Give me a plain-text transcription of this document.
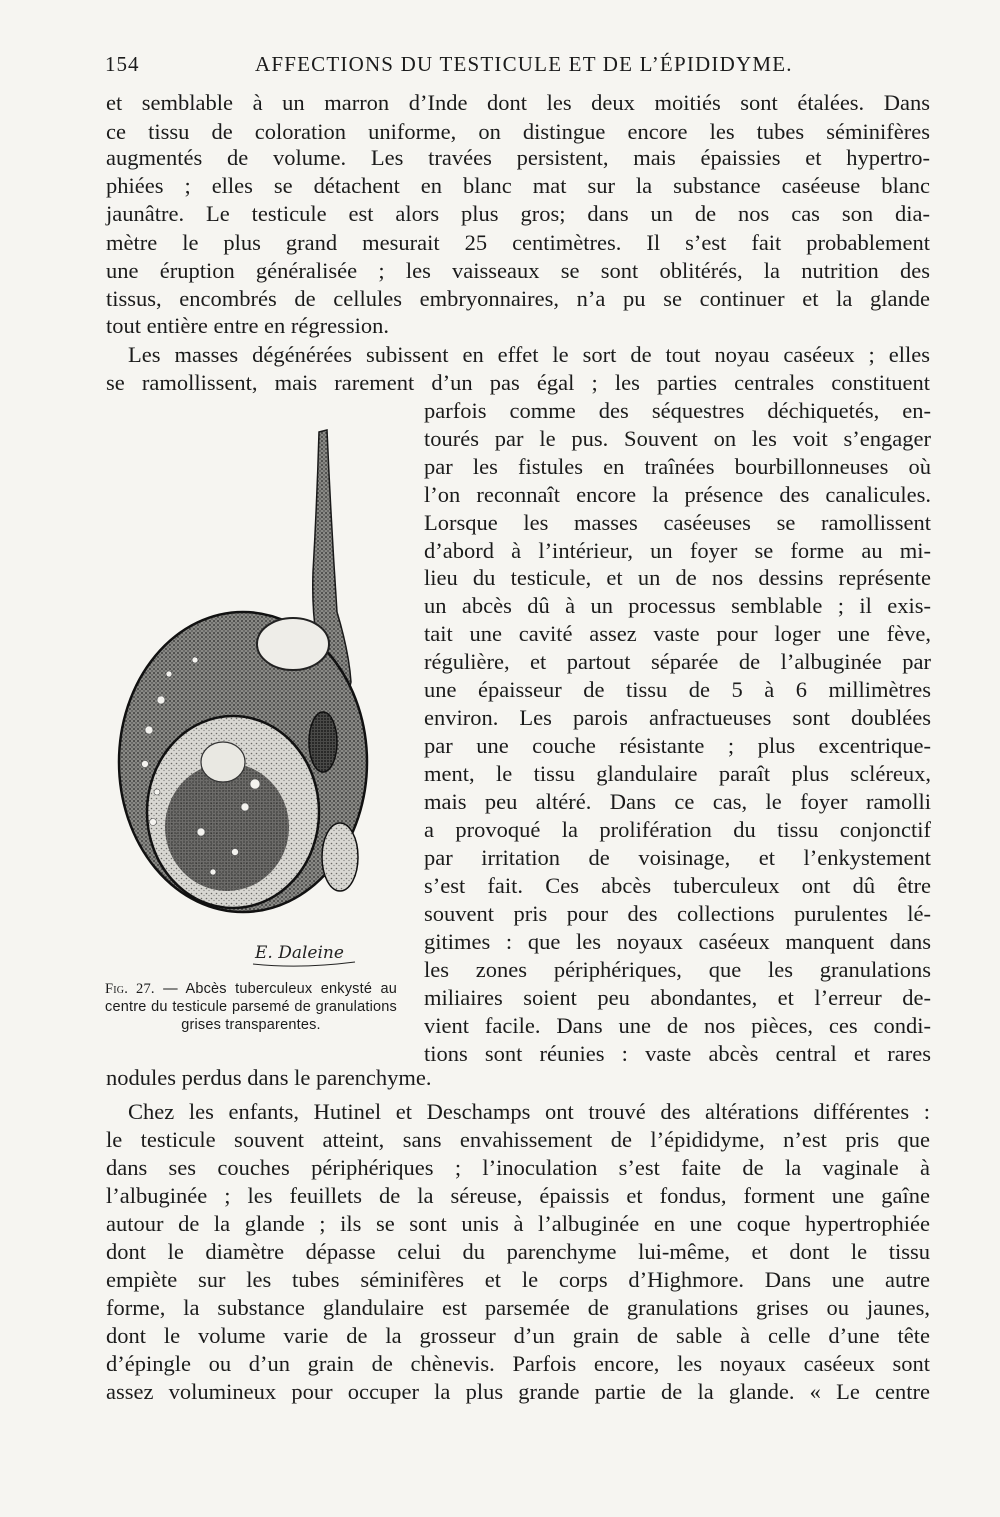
154	AFFECTIONS DU TESTICULE ET DE L’ÉPIDIDYME.
et semblable à un marron d’Inde dont les deux moitiés sont étalées. Dans
ce tissu de coloration uniforme, on distingue encore les tubes séminifères
augmentés de volume. Les travées persistent, mais épaissies et hypertro-
phiées ; elles se détachent en blanc mat sur la substance caséeuse blanc
jaunâtre. Le testicule est alors plus gros; dans un de nos cas son dia-
mètre le plus grand mesurait 25 centimètres. Il s’est fait probablement
une éruption généralisée ; les vaisseaux se sont oblitérés, la nutrition des
tissus, encombrés de cellules embryonnaires, n’a pu se continuer et la glande
tout entière entre en régression.
Les masses dégénérées subissent en effet le sort de tout noyau caséeux ; elles
se ramollissent, mais rarement d’un pas égal ; les parties centrales constituent
parfois comme des séquestres déchiquetés, en-
tourés par le pus. Souvent on les voit s’engager
par les fistules en traînées bourbillonneuses où
l’on reconnaît encore la présence des canalicules.
Lorsque les masses caséeuses se ramollissent
d’abord à l’intérieur, un foyer se forme au mi-
lieu du testicule, et un de nos dessins représente
un abcès dû à un processus semblable ; il exis-
tait une cavité assez vaste pour loger une fève,
régulière, et partout séparée de l’albuginée par
une épaisseur de tissu de 5 à 6 millimètres
environ. Les parois anfractueuses sont doublées
par une couche résistante ; plus excentrique-
ment, le tissu glandulaire paraît plus scléreux,
mais peu altéré. Dans ce cas, le foyer ramolli
a provoqué la prolifération du tissu conjonctif
par irritation de voisinage, et l’enkystement
s’est fait. Ces abcès tuberculeux ont dû être
souvent pris pour des collections purulentes lé-
gitimes : que les noyaux caséeux manquent dans
les zones périphériques, que les granulations
miliaires soient peu abondantes, et l’erreur de-
vient facile. Dans une de nos pièces, ces condi-
tions sont réunies : vaste abcès central et rares
nodules perdus dans le parenchyme.
Chez les enfants, Hutinel et Deschamps ont trouvé des altérations différentes :
le testicule souvent atteint, sans envahissement de l’épididyme, n’est pris que
dans ses couches périphériques ; l’inoculation s’est faite de la vaginale à
l’albuginée ; les feuillets de la séreuse, épaissis et fondus, forment une gaîne
autour de la glande ; ils se sont unis à l’albuginée en une coque hypertrophiée
dont le diamètre dépasse celui du parenchyme lui-même, et dont le tissu
empiète sur les tubes séminifères et le corps d’Highmore. Dans une autre
forme, la substance glandulaire est parsemée de granulations grises ou jaunes,
dont le volume varie de la grosseur d’un grain de sable à celle d’une tête
d’épingle ou d’un grain de chènevis. Parfois encore, les noyaux caséeux sont
assez volumineux pour occuper la plus grande partie de la glande. « Le centre
E. Daleine
Fig. 27. — Abcès tuberculeux enkysté au centre du testicule parsemé de granulations grises transparentes.
